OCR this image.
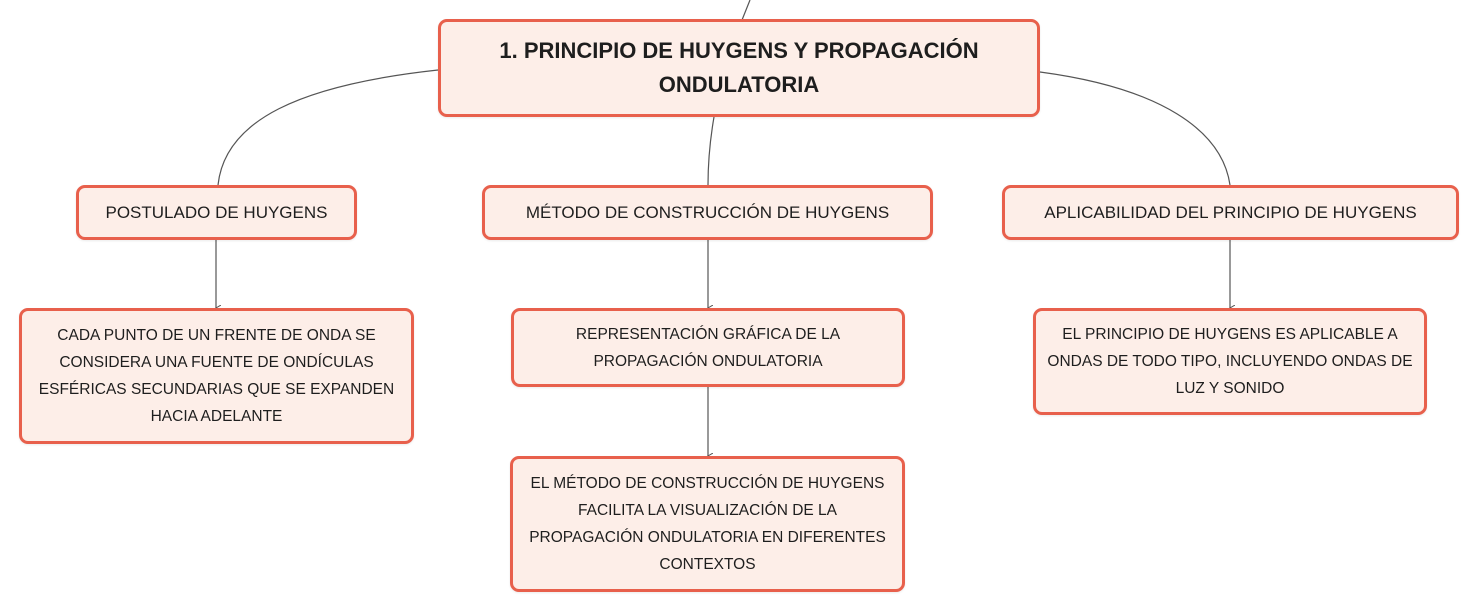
1. PRINCIPIO DE HUYGENS Y PROPAGACIÓN ONDULATORIA
POSTULADO DE HUYGENS	MÉTODO DE CONSTRUCCIÓN DE HUYGENS	APLICABILIDAD DEL PRINCIPIO DE HUYGENS
CADA PUNTO DE UN FRENTE DE ONDA SE CONSIDERA UNA FUENTE DE ONDÍCULAS ESFÉRICAS SECUNDARIAS QUE SE EXPANDEN HACIA ADELANTE
REPRESENTACIÓN GRÁFICA DE LA PROPAGACIÓN ONDULATORIA
EL MÉTODO DE CONSTRUCCIÓN DE HUYGENS FACILITA LA VISUALIZACIÓN DE LA PROPAGACIÓN ONDULATORIA EN DIFERENTES CONTEXTOS
EL PRINCIPIO DE HUYGENS ES APLICABLE A ONDAS DE TODO TIPO, INCLUYENDO ONDAS DE LUZ Y SONIDO
